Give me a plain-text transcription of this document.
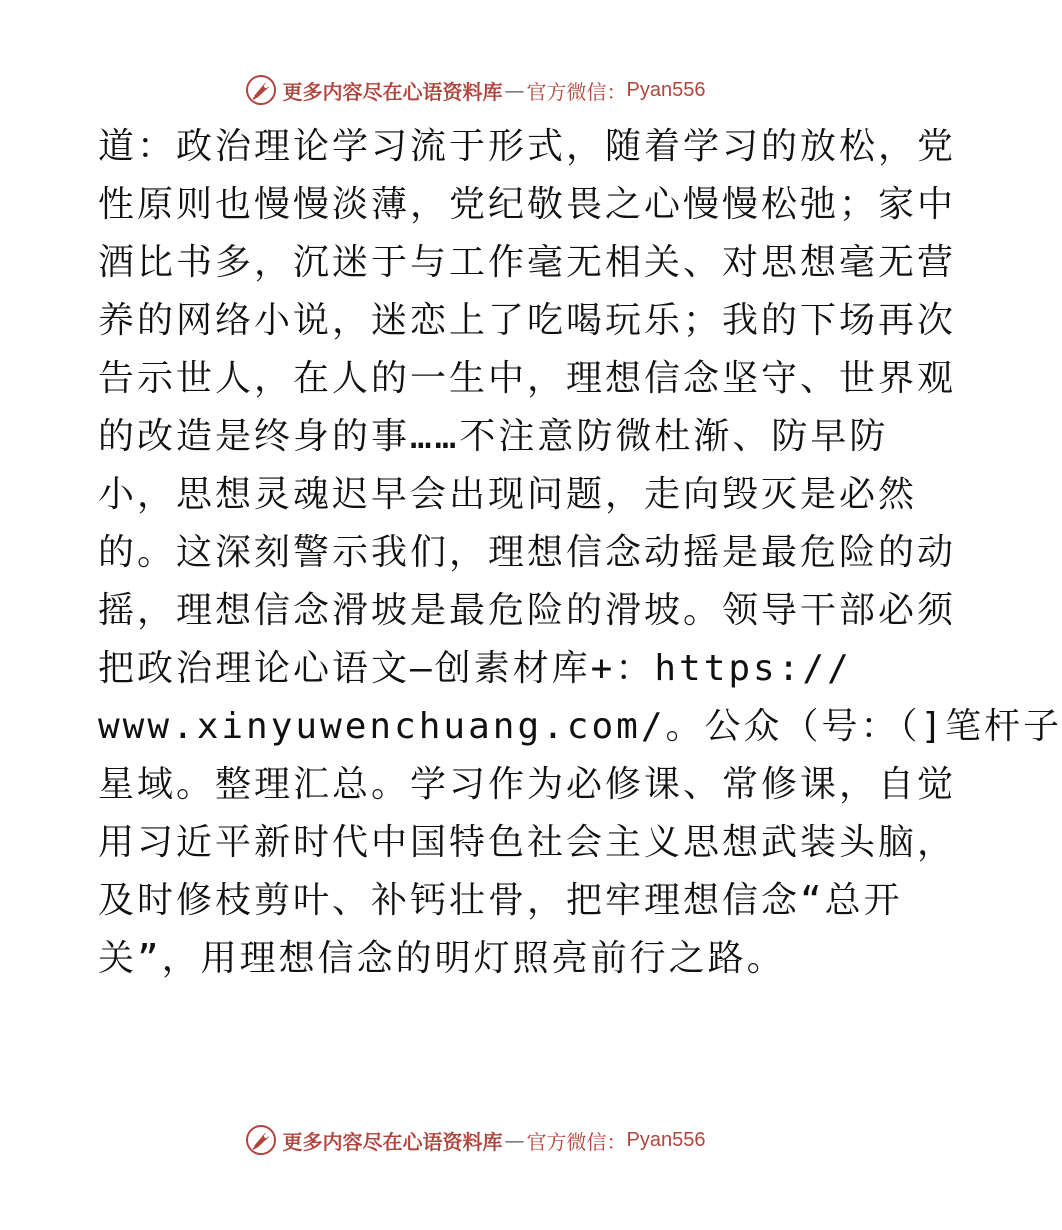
更多内容尽在心语资料库 — 官方微信： Pyan556
道：政治理论学习流于形式，随着学习的放松，党
性原则也慢慢淡薄，党纪敬畏之心慢慢松弛；家中
酒比书多，沉迷于与工作毫无相关、对思想毫无营
养的网络小说，迷恋上了吃喝玩乐；我的下场再次
告示世人，在人的一生中，理想信念坚守、世界观
的改造是终身的事……不注意防微杜渐、防早防
小，思想灵魂迟早会出现问题，走向毁灭是必然
的。这深刻警示我们，理想信念动摇是最危险的动
摇，理想信念滑坡是最危险的滑坡。领导干部必须
把政治理论心语文—创素材库+：https://
www.xinyuwenchuang.com/。公众（号：（]笔杆子
星域。整理汇总。学习作为必修课、常修课，自觉
用习近平新时代中国特色社会主义思想武装头脑，
及时修枝剪叶、补钙壮骨，把牢理想信念“总开
关”，用理想信念的明灯照亮前行之路。
更多内容尽在心语资料库 — 官方微信： Pyan556
